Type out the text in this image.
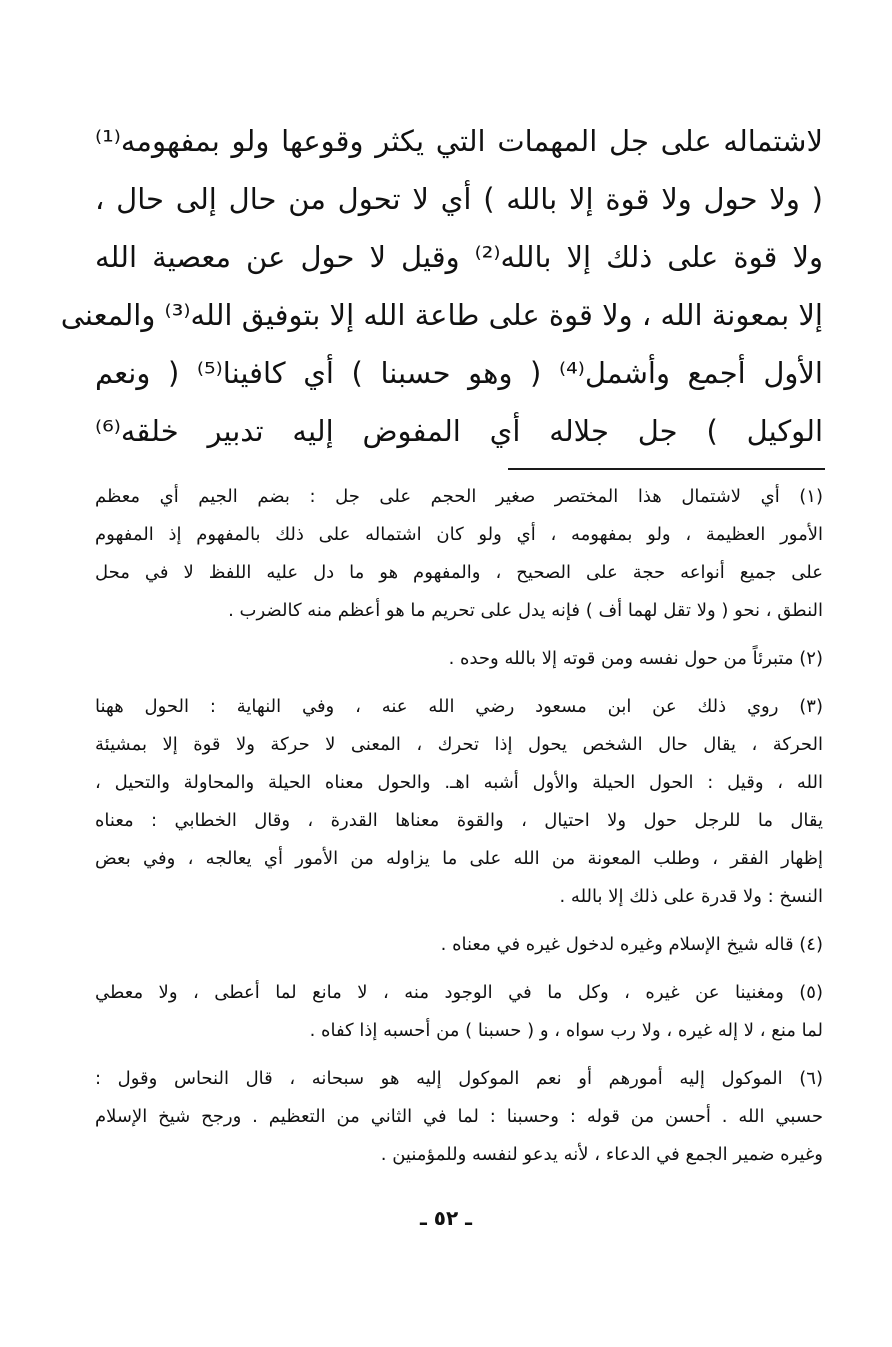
لاشتماله على جل المهمات التي يكثر وقوعها ولو بمفهومه⁽¹⁾
( ولا حول ولا قوة إلا بالله ) أي لا تحول من حال إلى حال ،
ولا قوة على ذلك إلا بالله⁽²⁾ وقيل لا حول عن معصية الله
إلا بمعونة الله ، ولا قوة على طاعة الله إلا بتوفيق الله⁽³⁾ والمعنى
الأول أجمع وأشمل⁽⁴⁾ ( وهو حسبنا ) أي كافينا⁽⁵⁾ ( ونعم
الوكيل ) جل جلاله أي المفوض إليه تدبير خلقه⁽⁶⁾
(١) أي لاشتمال هذا المختصر صغير الحجم على جل : بضم الجيم أي معظم
الأمور العظيمة ، ولو بمفهومه ، أي ولو كان اشتماله على ذلك بالمفهوم إذ المفهوم
على جميع أنواعه حجة على الصحيح ، والمفهوم هو ما دل عليه اللفظ لا في محل
النطق ، نحو ( ولا تقل لهما أف ) فإنه يدل على تحريم ما هو أعظم منه كالضرب .
(٢) متبرئاً من حول نفسه ومن قوته إلا بالله وحده .
(٣) روي ذلك عن ابن مسعود رضي الله عنه ، وفي النهاية : الحول ههنا
الحركة ، يقال حال الشخص يحول إذا تحرك ، المعنى لا حركة ولا قوة إلا بمشيئة
الله ، وقيل : الحول الحيلة والأول أشبه اهـ. والحول معناه الحيلة والمحاولة والتحيل ،
يقال ما للرجل حول ولا احتيال ، والقوة معناها القدرة ، وقال الخطابي : معناه
إظهار الفقر ، وطلب المعونة من الله على ما يزاوله من الأمور أي يعالجه ، وفي بعض
النسخ : ولا قدرة على ذلك إلا بالله .
(٤) قاله شيخ الإسلام وغيره لدخول غيره في معناه .
(٥) ومغنينا عن غيره ، وكل ما في الوجود منه ، لا مانع لما أعطى ، ولا معطي
لما منع ، لا إله غيره ، ولا رب سواه ، و ( حسبنا ) من أحسبه إذا كفاه .
(٦) الموكول إليه أمورهم أو نعم الموكول إليه هو سبحانه ، قال النحاس وقول :
حسبي الله . أحسن من قوله : وحسبنا : لما في الثاني من التعظيم . ورجح شيخ الإسلام
وغيره ضمير الجمع في الدعاء ، لأنه يدعو لنفسه وللمؤمنين .
ـ ٥٢ ـ
